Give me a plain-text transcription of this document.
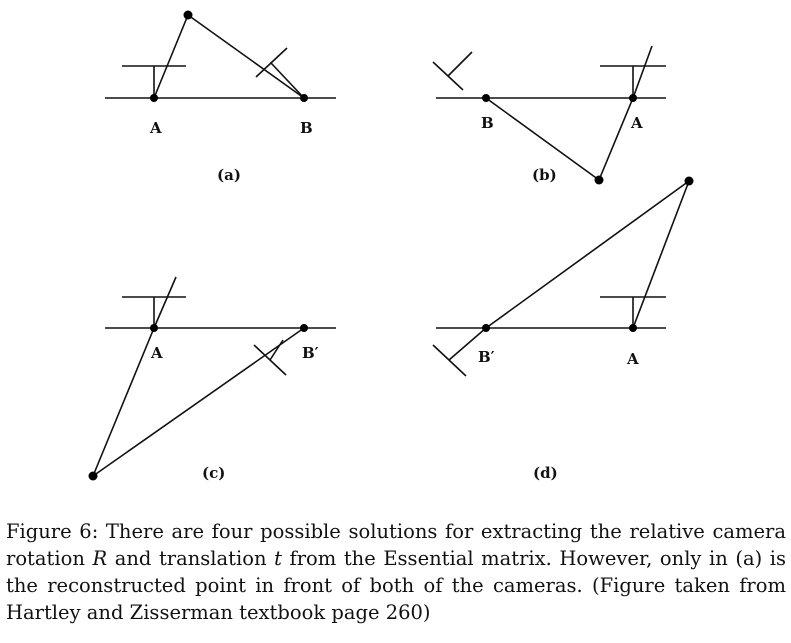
A	B
(a)
B	A
(b)
A	B′
(c)
B′	A
(d)
Figure 6: There are four possible solutions for extracting the relative camera rotation R and translation t from the Essential matrix. However, only in (a) is the reconstructed point in front of both of the cameras. (Figure taken from Hartley and Zisserman textbook page 260)
